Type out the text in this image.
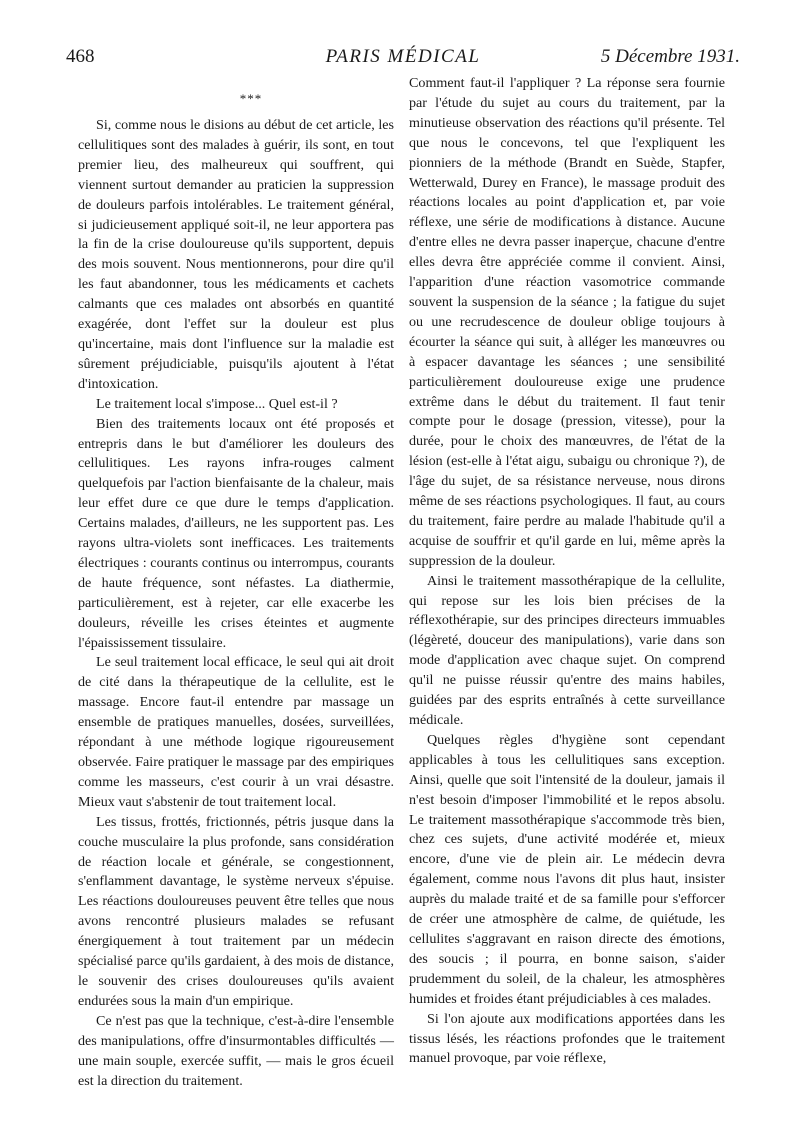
468	PARIS MÉDICAL	5 Décembre 1931.
***

Si, comme nous le disions au début de cet article, les cellulitiques sont des malades à guérir, ils sont, en tout premier lieu, des malheureux qui souffrent, qui viennent surtout demander au praticien la suppression de douleurs parfois intolérables. Le traitement général, si judicieusement appliqué soit-il, ne leur apportera pas la fin de la crise douloureuse qu'ils supportent, depuis des mois souvent. Nous mentionnerons, pour dire qu'il les faut abandonner, tous les médicaments et cachets calmants que ces malades ont absorbés en quantité exagérée, dont l'effet sur la douleur est plus qu'incertaine, mais dont l'influence sur la maladie est sûrement préjudiciable, puisqu'ils ajoutent à l'état d'intoxication.

Le traitement local s'impose... Quel est-il ?

Bien des traitements locaux ont été proposés et entrepris dans le but d'améliorer les douleurs des cellulitiques. Les rayons infra-rouges calment quelquefois par l'action bienfaisante de la chaleur, mais leur effet dure ce que dure le temps d'application. Certains malades, d'ailleurs, ne les supportent pas. Les rayons ultra-violets sont inefficaces. Les traitements électriques : courants continus ou interrompus, courants de haute fréquence, sont néfastes. La diathermie, particulièrement, est à rejeter, car elle exacerbe les douleurs, réveille les crises éteintes et augmente l'épaississement tissulaire.

Le seul traitement local efficace, le seul qui ait droit de cité dans la thérapeutique de la cellulite, est le massage. Encore faut-il entendre par massage un ensemble de pratiques manuelles, dosées, surveillées, répondant à une méthode logique rigoureusement observée. Faire pratiquer le massage par des empiriques comme les masseurs, c'est courir à un vrai désastre. Mieux vaut s'abstenir de tout traitement local.

Les tissus, frottés, frictionnés, pétris jusque dans la couche musculaire la plus profonde, sans considération de réaction locale et générale, se congestionnent, s'enflamment davantage, le système nerveux s'épuise. Les réactions douloureuses peuvent être telles que nous avons rencontré plusieurs malades se refusant énergiquement à tout traitement par un médecin spécialisé parce qu'ils gardaient, à des mois de distance, le souvenir des crises douloureuses qu'ils avaient endurées sous la main d'un empirique.

Ce n'est pas que la technique, c'est-à-dire l'ensemble des manipulations, offre d'insurmontables difficultés — une main souple, exercée suffit, — mais le gros écueil est la direction du traitement.

Comment faut-il l'appliquer ? La réponse sera fournie par l'étude du sujet au cours du traitement, par la minutieuse observation des réactions qu'il présente. Tel que nous le concevons, tel que l'expliquent les pionniers de la méthode (Brandt en Suède, Stapfer, Wetterwald, Durey en France), le massage produit des réactions locales au point d'application et, par voie réflexe, une série de modifications à distance. Aucune d'entre elles ne devra passer inaperçue, chacune d'entre elles devra être appréciée comme il convient. Ainsi, l'apparition d'une réaction vasomotrice commande souvent la suspension de la séance ; la fatigue du sujet ou une recrudescence de douleur oblige toujours à écourter la séance qui suit, à alléger les manœuvres ou à espacer davantage les séances ; une sensibilité particulièrement douloureuse exige une prudence extrême dans le début du traitement. Il faut tenir compte pour le dosage (pression, vitesse), pour la durée, pour le choix des manœuvres, de l'état de la lésion (est-elle à l'état aigu, subaigu ou chronique ?), de l'âge du sujet, de sa résistance nerveuse, nous dirons même de ses réactions psychologiques. Il faut, au cours du traitement, faire perdre au malade l'habitude qu'il a acquise de souffrir et qu'il garde en lui, même après la suppression de la douleur.

Ainsi le traitement massothérapique de la cellulite, qui repose sur les lois bien précises de la réflexothérapie, sur des principes directeurs immuables (légèreté, douceur des manipulations), varie dans son mode d'application avec chaque sujet. On comprend qu'il ne puisse réussir qu'entre des mains habiles, guidées par des esprits entraînés à cette surveillance médicale.

Quelques règles d'hygiène sont cependant applicables à tous les cellulitiques sans exception. Ainsi, quelle que soit l'intensité de la douleur, jamais il n'est besoin d'imposer l'immobilité et le repos absolu. Le traitement massothérapique s'accommode très bien, chez ces sujets, d'une activité modérée et, mieux encore, d'une vie de plein air. Le médecin devra également, comme nous l'avons dit plus haut, insister auprès du malade traité et de sa famille pour s'efforcer de créer une atmosphère de calme, de quiétude, les cellulites s'aggravant en raison directe des émotions, des soucis ; il pourra, en bonne saison, s'aider prudemment du soleil, de la chaleur, les atmosphères humides et froides étant préjudiciables à ces malades.

Si l'on ajoute aux modifications apportées dans les tissus lésés, les réactions profondes que le traitement manuel provoque, par voie réflexe,
